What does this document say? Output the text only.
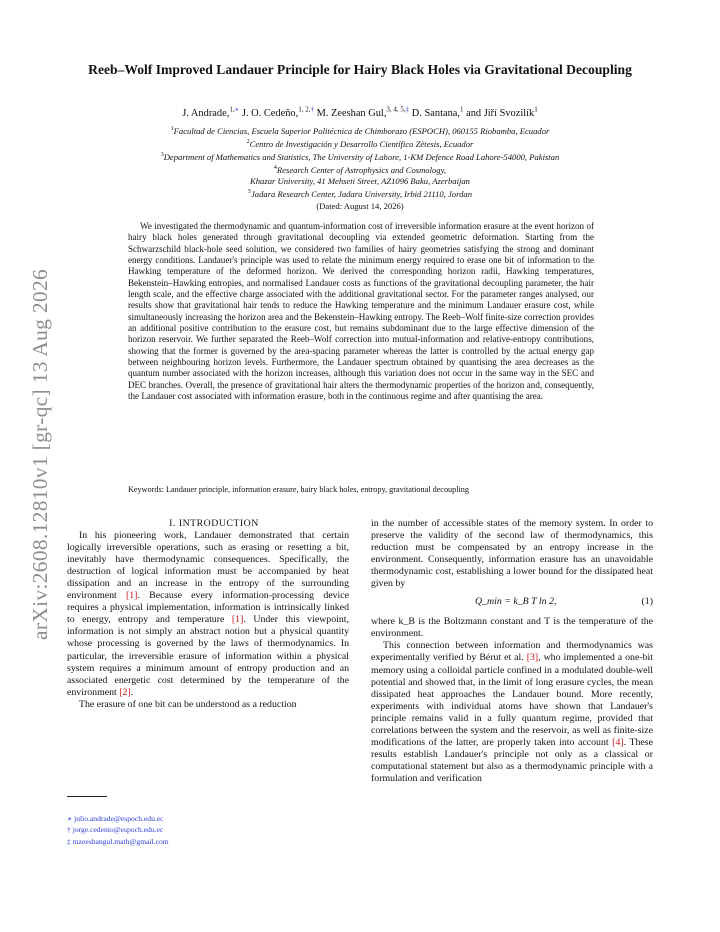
arXiv:2608.12810v1 [gr-qc] 13 Aug 2026
Reeb–Wolf Improved Landauer Principle for Hairy Black Holes via Gravitational Decoupling
J. Andrade,$^{1,∗}$ J. O. Cedeño,$^{1, 2,\dagger}$ M. Zeeshan Gul,$^{3, 4, 5,\ddagger}$ D. Santana,$^1$ and Jiří Svozilík$^1$
$^1$Facultad de Ciencias, Escuela Superior Politécnica de Chimborazo (ESPOCH), 060155 Riobamba, Ecuador
$^2$Centro de Investigación y Desarrollo Científico Zëtesis, Ecuador
$^3$Department of Mathematics and Statistics, The University of Lahore, 1-KM Defence Road Lahore-54000, Pakistan
$^4$Research Center of Astrophysics and Cosmology,
Khazar University, 41 Mehseti Street, AZ1096 Baku, Azerbaijan
$^5$Jadara Research Center, Jadara University, Irbid 21110, Jordan
(Dated: August 14, 2026)
We investigated the thermodynamic and quantum-information cost of irreversible information erasure at the event horizon of hairy black holes generated through gravitational decoupling via extended geometric deformation. Starting from the Schwarzschild black-hole seed solution, we considered two families of hairy geometries satisfying the strong and dominant energy conditions. Landauer's principle was used to relate the minimum energy required to erase one bit of information to the Hawking temperature of the deformed horizon. We derived the corresponding horizon radii, Hawking temperatures, Bekenstein–Hawking entropies, and normalised Landauer costs as functions of the gravitational decoupling parameter, the hair length scale, and the effective charge associated with the additional gravitational sector. For the parameter ranges analysed, our results show that gravitational hair tends to reduce the Hawking temperature and the minimum Landauer erasure cost, while simultaneously increasing the horizon area and the Bekenstein–Hawking entropy. The Reeb–Wolf finite-size correction provides an additional positive contribution to the erasure cost, but remains subdominant due to the large effective dimension of the horizon reservoir. We further separated the Reeb–Wolf correction into mutual-information and relative-entropy contributions, showing that the former is governed by the area-spacing parameter whereas the latter is controlled by the actual energy gap between neighbouring horizon levels. Furthermore, the Landauer spectrum obtained by quantising the area decreases as the quantum number associated with the horizon increases, although this variation does not occur in the same way in the SEC and DEC branches. Overall, the presence of gravitational hair alters the thermodynamic properties of the horizon and, consequently, the Landauer cost associated with information erasure, both in the continuous regime and after quantising the area.
Keywords: Landauer principle, information erasure, hairy black holes, entropy, gravitational decoupling

I. INTRODUCTION

In his pioneering work, Landauer demonstrated that certain logically irreversible operations, such as erasing or resetting a bit, inevitably have thermodynamic consequences. Specifically, the destruction of logical information must be accompanied by heat dissipation and an increase in the entropy of the surrounding environment [1]. Because every information-processing device requires a physical implementation, information is intrinsically linked to energy, entropy and temperature [1]. Under this viewpoint, information is not simply an abstract notion but a physical quantity whose processing is governed by the laws of thermodynamics. In particular, the irreversible erasure of information within a physical system requires a minimum amount of entropy production and an associated energetic cost determined by the temperature of the environment [2].

The erasure of one bit can be understood as a reduction

in the number of accessible states of the memory system. In order to preserve the validity of the second law of thermodynamics, this reduction must be compensated by an entropy increase in the environment. Consequently, information erasure has an unavoidable thermodynamic cost, establishing a lower bound for the dissipated heat given by

Q_min = k_B T ln 2,	(1)

where k_B is the Boltzmann constant and T is the temperature of the environment.

This connection between information and thermodynamics was experimentally verified by Bérut et al. [3], who implemented a one-bit memory using a colloidal particle confined in a modulated double-well potential and showed that, in the limit of long erasure cycles, the mean dissipated heat approaches the Landauer bound. More recently, experiments with individual atoms have shown that Landauer's principle remains valid in a fully quantum regime, provided that correlations between the system and the reservoir, as well as finite-size modifications of the latter, are properly taken into account [4]. These results establish Landauer's principle not only as a classical or computational statement but also as a thermodynamic principle with a formulation and verification

∗ julio.andrade@espoch.edu.ec
† jorge.cedenio@espoch.edu.ec
‡ mzeeshangul.math@gmail.com
